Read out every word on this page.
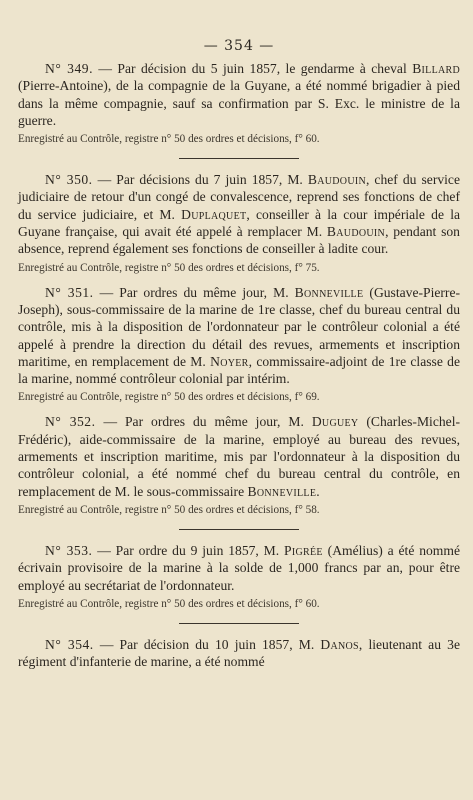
— 354 —

N° 349. — Par décision du 5 juin 1857, le gendarme à cheval Billard (Pierre-Antoine), de la compagnie de la Guyane, a été nommé brigadier à pied dans la même compagnie, sauf sa confirmation par S. Exc. le ministre de la guerre.

Enregistré au Contrôle, registre n° 50 des ordres et décisions, f° 60.

N° 350. — Par décisions du 7 juin 1857, M. Baudouin, chef du service judiciaire de retour d'un congé de convalescence, reprend ses fonctions de chef du service judiciaire, et M. Duplaquet, conseiller à la cour impériale de la Guyane française, qui avait été appelé à remplacer M. Baudouin, pendant son absence, reprend également ses fonctions de conseiller à ladite cour.

Enregistré au Contrôle, registre n° 50 des ordres et décisions, f° 75.

N° 351. — Par ordres du même jour, M. Bonneville (Gustave-Pierre-Joseph), sous-commissaire de la marine de 1re classe, chef du bureau central du contrôle, mis à la disposition de l'ordonnateur par le contrôleur colonial a été appelé à prendre la direction du détail des revues, armements et inscription maritime, en remplacement de M. Noyer, commissaire-adjoint de 1re classe de la marine, nommé contrôleur colonial par intérim.

Enregistré au Contrôle, registre n° 50 des ordres et décisions, f° 69.

N° 352. — Par ordres du même jour, M. Duguey (Charles-Michel-Frédéric), aide-commissaire de la marine, employé au bureau des revues, armements et inscription maritime, mis par l'ordonnateur à la disposition du contrôleur colonial, a été nommé chef du bureau central du contrôle, en remplacement de M. le sous-commissaire Bonneville.

Enregistré au Contrôle, registre n° 50 des ordres et décisions, f° 58.

N° 353. — Par ordre du 9 juin 1857, M. Pigrée (Amélius) a été nommé écrivain provisoire de la marine à la solde de 1,000 francs par an, pour être employé au secrétariat de l'ordonnateur.

Enregistré au Contrôle, registre n° 50 des ordres et décisions, f° 60.

N° 354. — Par décision du 10 juin 1857, M. Danos, lieutenant au 3e régiment d'infanterie de marine, a été nommé
